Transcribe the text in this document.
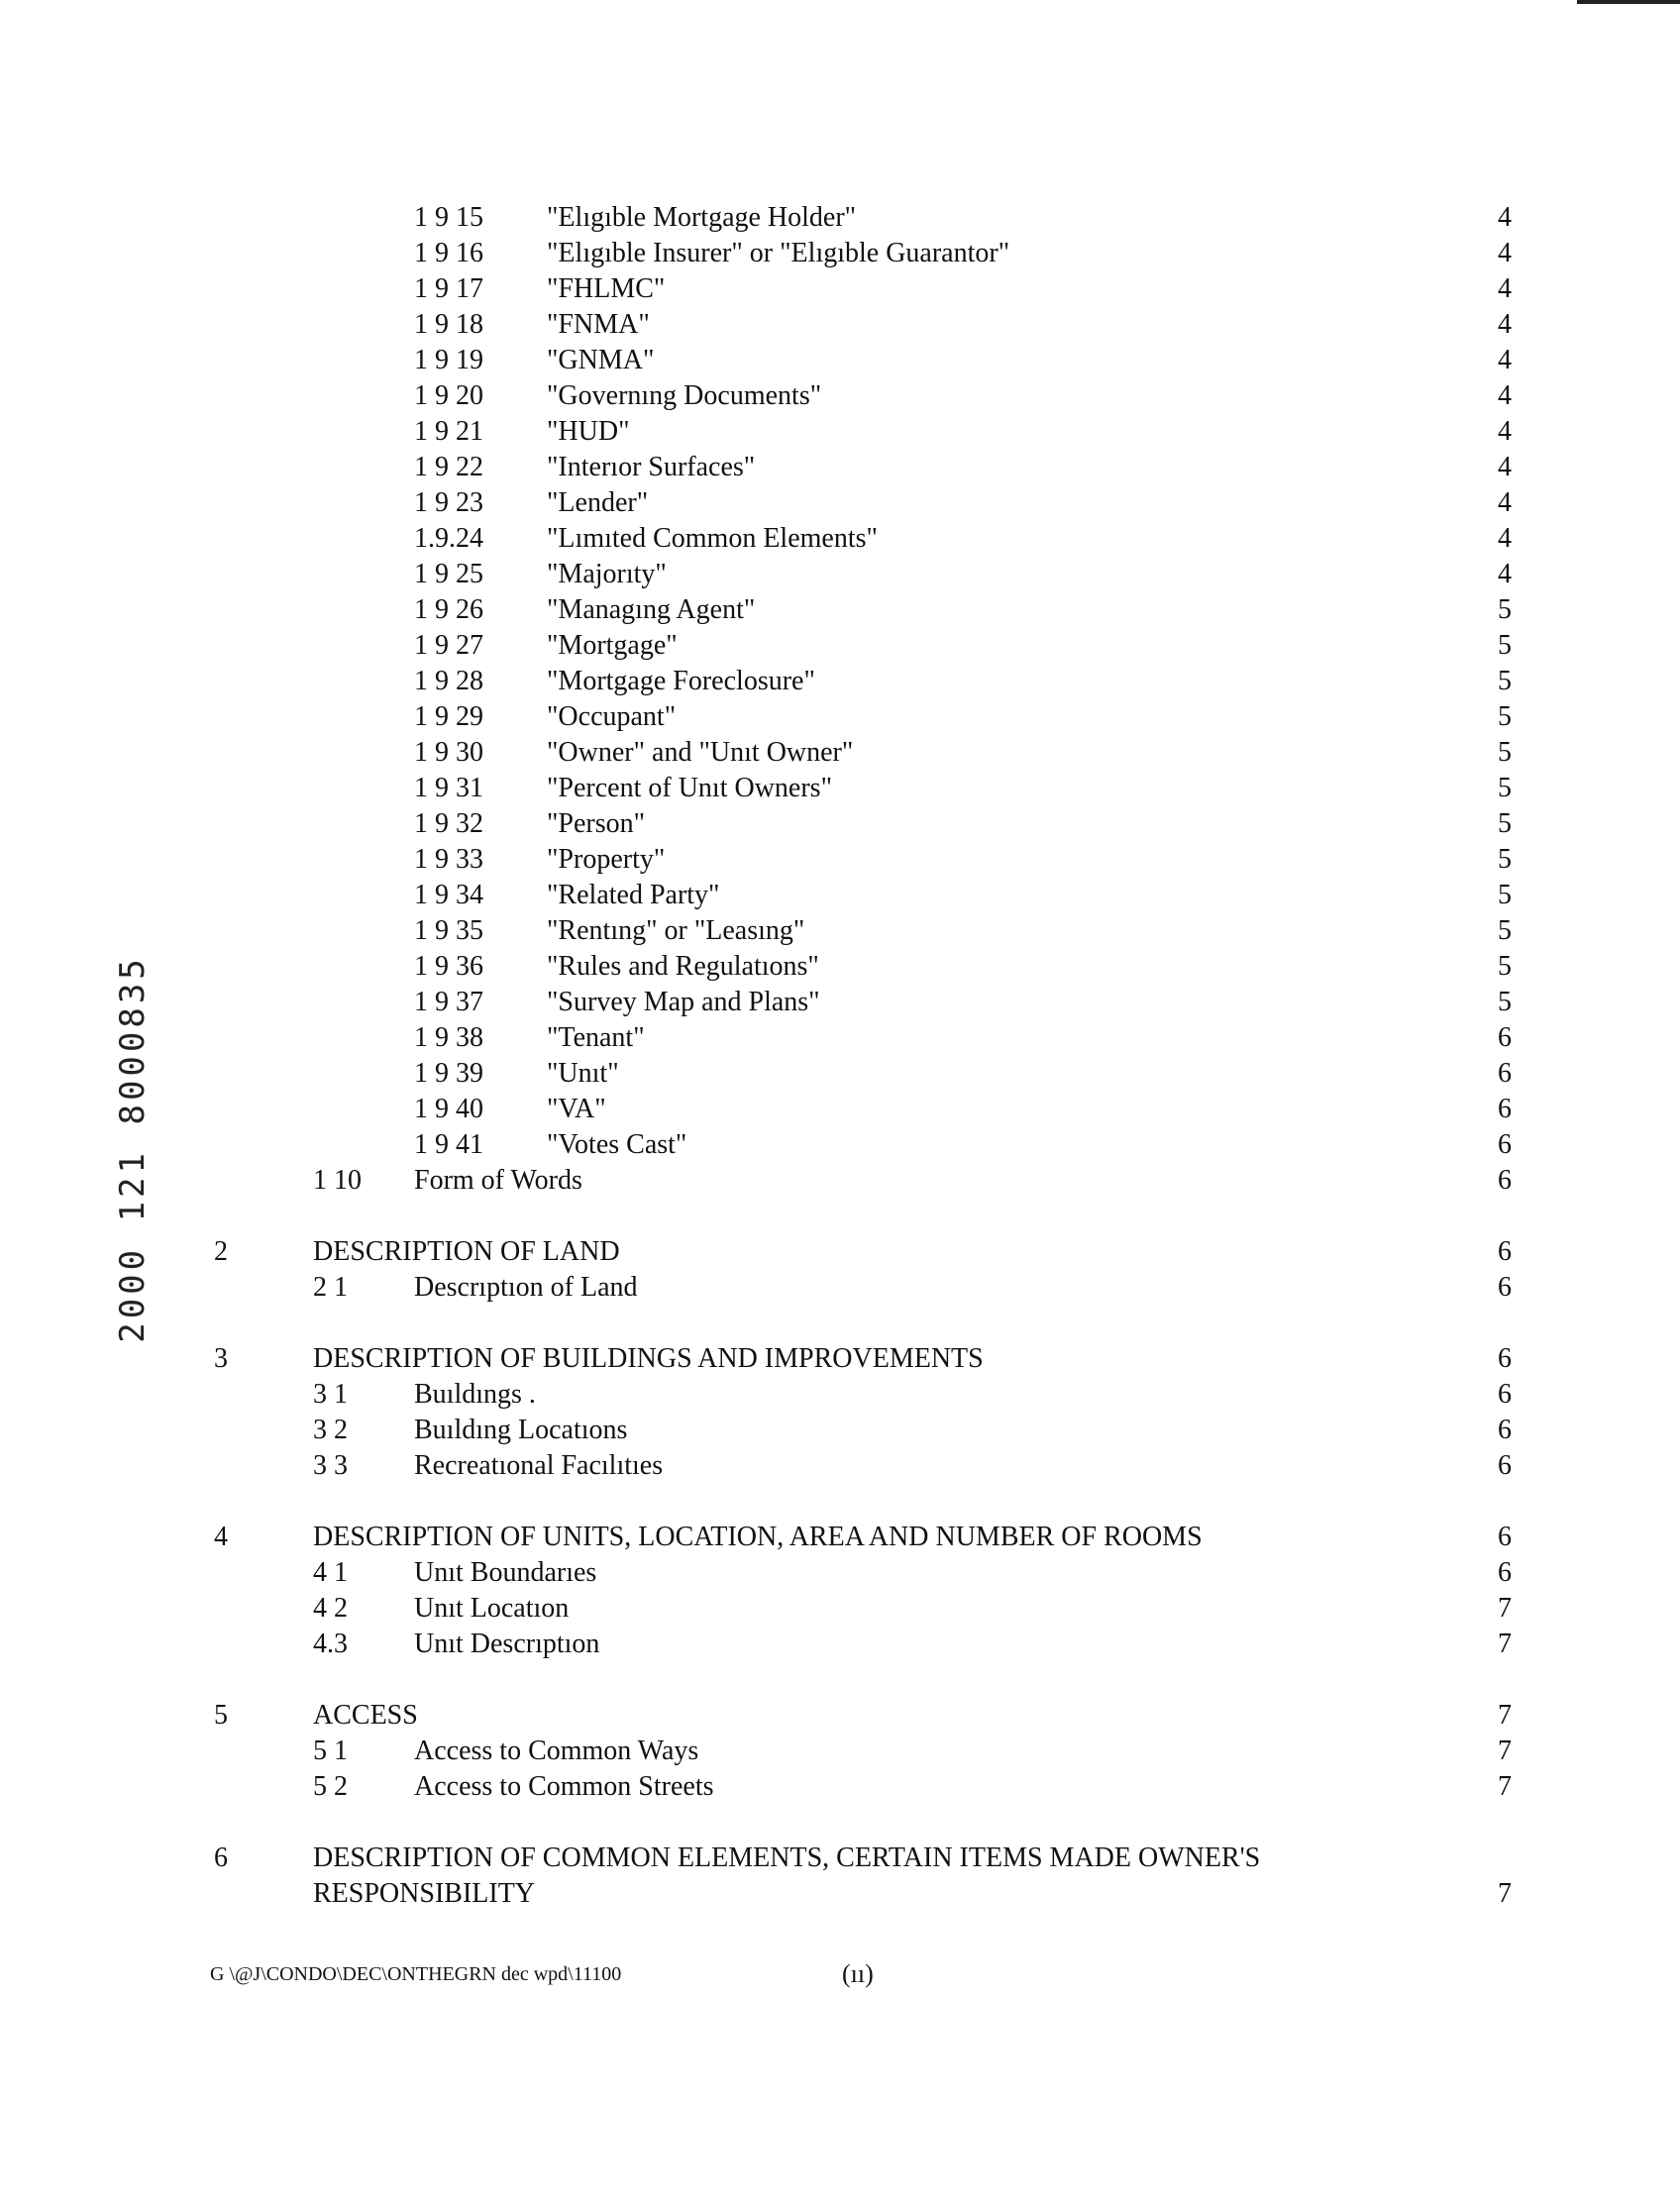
2000 121 8000835
1 9 15 "Elıgıble Mortgage Holder"	4
1 9 16 "Elıgıble Insurer" or "Elıgıble Guarantor"	4
1 9 17 "FHLMC"	4
1 9 18 "FNMA"	4
1 9 19 "GNMA"	4
1 9 20 "Governıng Documents"	4
1 9 21 "HUD"	4
1 9 22 "Interıor Surfaces"	4
1 9 23 "Lender"	4
1.9.24 "Lımıted Common Elements"	4
1 9 25 "Majorıty"	4
1 9 26 "Managıng Agent"	5
1 9 27 "Mortgage"	5
1 9 28 "Mortgage Foreclosure"	5
1 9 29 "Occupant"	5
1 9 30 "Owner" and "Unıt Owner"	5
1 9 31 "Percent of Unıt Owners"	5
1 9 32 "Person"	5
1 9 33 "Property"	5
1 9 34 "Related Party"	5
1 9 35 "Rentıng" or "Leasıng"	5
1 9 36 "Rules and Regulatıons"	5
1 9 37 "Survey Map and Plans"	5
1 9 38 "Tenant"	6
1 9 39 "Unıt"	6
1 9 40 "VA"	6
1 9 41 "Votes Cast"	6
1 10 Form of Words	6
2	DESCRIPTION OF LAND	6
2 1 Descrıptıon of Land	6
3	DESCRIPTION OF BUILDINGS AND IMPROVEMENTS	6
3 1 Buıldıngs .	6
3 2 Buıldıng Locatıons	6
3 3 Recreatıonal Facılıtıes	6
4	DESCRIPTION OF UNITS, LOCATION, AREA AND NUMBER OF ROOMS	6
4 1 Unıt Boundarıes	6
4 2 Unıt Locatıon	7
4.3 Unıt Descrıptıon	7
5	ACCESS	7
5 1 Access to Common Ways	7
5 2 Access to Common Streets	7
6	DESCRIPTION OF COMMON ELEMENTS, CERTAIN ITEMS MADE OWNER'S RESPONSIBILITY	7
G \@J\CONDO\DEC\ONTHEGRN dec wpd\11100	(ıı)
